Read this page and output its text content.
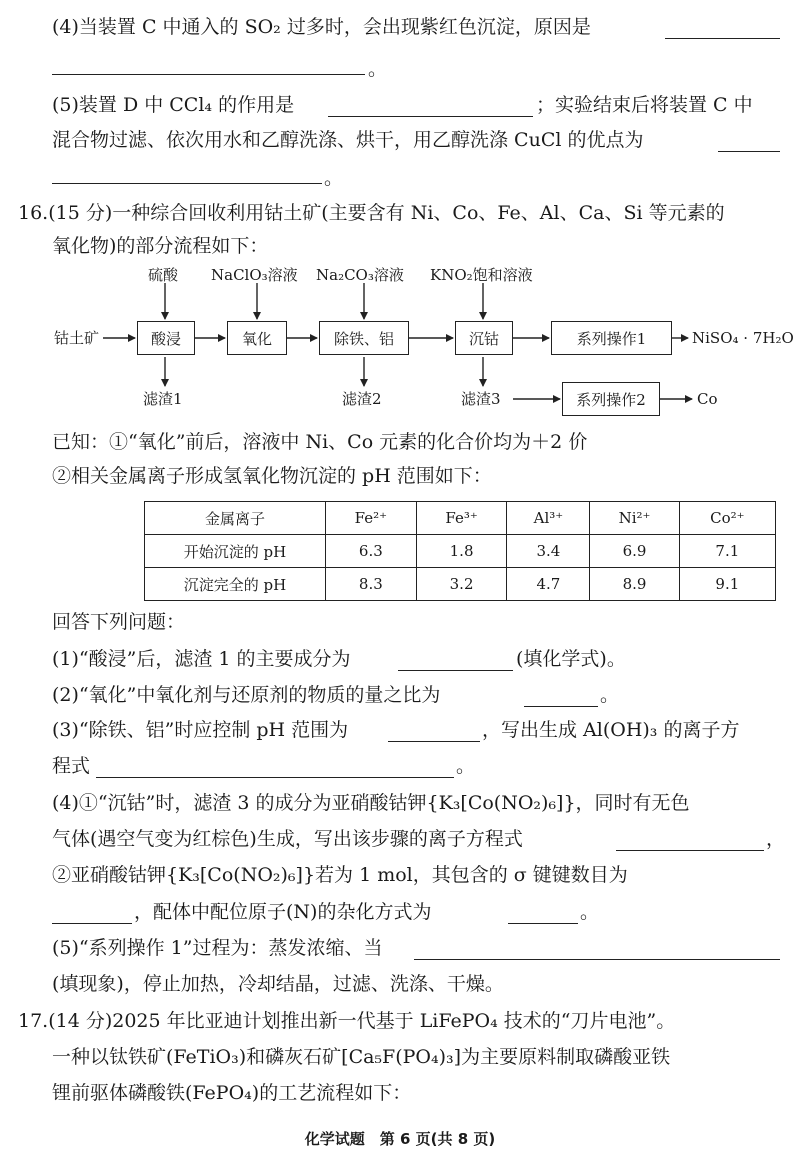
(4)当装置 C 中通入的 SO₂ 过多时，会出现紫红色沉淀，原因是
。
(5)装置 D 中 CCl₄ 的作用是	；实验结束后将装置 C 中
混合物过滤、依次用水和乙醇洗涤、烘干，用乙醇洗涤 CuCl 的优点为
。
16.(15 分)一种综合回收利用钴土矿(主要含有 Ni、Co、Fe、Al、Ca、Si 等元素的
氧化物)的部分流程如下：
硫酸 NaClO₃溶液 Na₂CO₃溶液 KNO₂饱和溶液
钴土矿	酸浸	氧化	除铁、铝	沉钴	系列操作1
系列操作2
NiSO₄ · 7H₂O
Co
滤渣1	滤渣2	滤渣3
已知：①“氧化”前后，溶液中 Ni、Co 元素的化合价均为＋2 价
②相关金属离子形成氢氧化物沉淀的 pH 范围如下：
金属离子	Fe²⁺	Fe³⁺	Al³⁺	Ni²⁺	Co²⁺
开始沉淀的 pH	6.3	1.8	3.4	6.9	7.1
沉淀完全的 pH	8.3	3.2	4.7	8.9	9.1
回答下列问题：
(1)“酸浸”后，滤渣 1 的主要成分为	(填化学式)。
(2)“氧化”中氧化剂与还原剂的物质的量之比为	。
(3)“除铁、铝”时应控制 pH 范围为	，写出生成 Al(OH)₃ 的离子方
程式	。
(4)①“沉钴”时，滤渣 3 的成分为亚硝酸钴钾{K₃[Co(NO₂)₆]}，同时有无色
气体(遇空气变为红棕色)生成，写出该步骤的离子方程式	，
②亚硝酸钴钾{K₃[Co(NO₂)₆]}若为 1 mol，其包含的 σ 键键数目为
，配体中配位原子(N)的杂化方式为	。
(5)“系列操作 1”过程为：蒸发浓缩、当
(填现象)，停止加热，冷却结晶，过滤、洗涤、干燥。
17.(14 分)2025 年比亚迪计划推出新一代基于 LiFePO₄ 技术的“刀片电池”。
一种以钛铁矿(FeTiO₃)和磷灰石矿[Ca₅F(PO₄)₃]为主要原料制取磷酸亚铁
锂前驱体磷酸铁(FePO₄)的工艺流程如下：
化学试题　第 6 页(共 8 页)
